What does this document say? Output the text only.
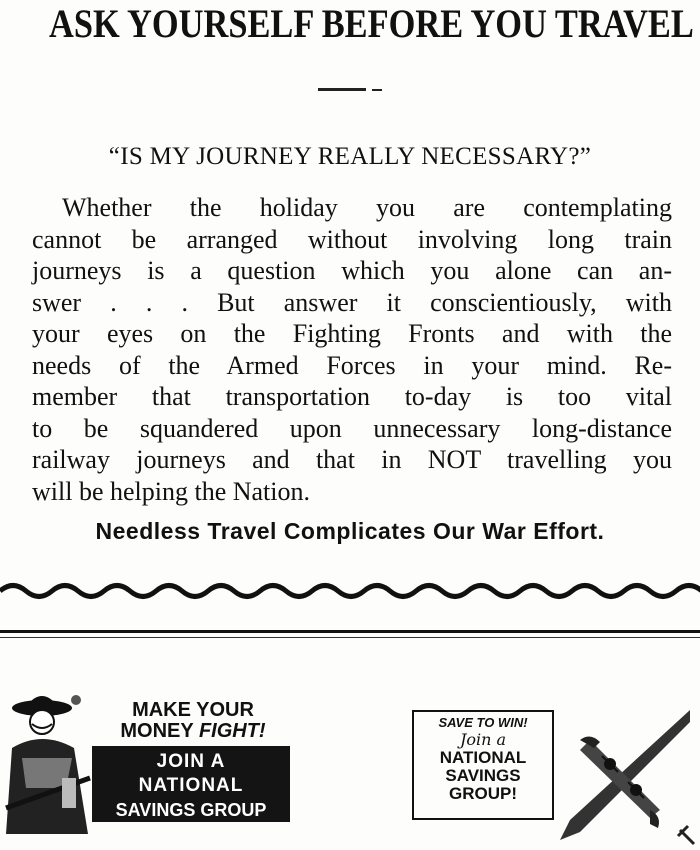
ASK YOURSELF BEFORE YOU TRAVEL
“IS MY JOURNEY REALLY NECESSARY?”
Whether the holiday you are contemplating
cannot be arranged without involving long train
journeys is a question which you alone can an-
swer . . . But answer it conscientiously, with
your eyes on the Fighting Fronts and with the
needs of the Armed Forces in your mind. Re-
member that transportation to-day is too vital
to be squandered upon unnecessary long-distance
railway journeys and that in NOT travelling you
will be helping the Nation.
Needless Travel Complicates Our War Effort.
MAKE YOUR
MONEY FIGHT!
JOIN A
NATIONAL
SAVINGS GROUP
SAVE TO WIN!
Join a
NATIONAL
SAVINGS
GROUP!
